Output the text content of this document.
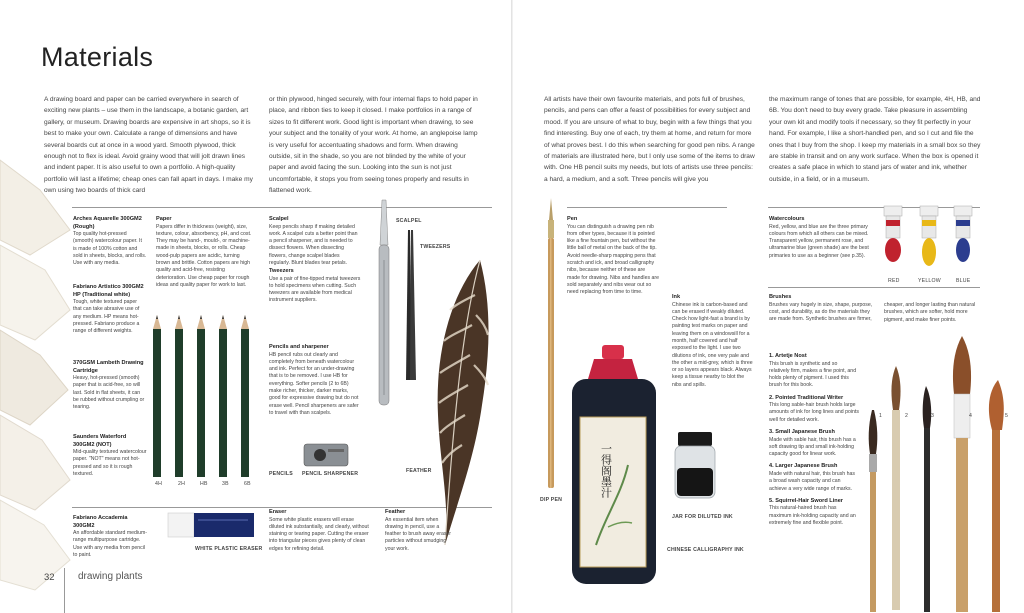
Materials
A drawing board and paper can be carried everywhere in search of exciting new plants – use them in the landscape, a botanic garden, art gallery, or museum. Drawing boards are expensive in art shops, so it is best to make your own. Calculate a range of dimensions and have several boards cut at once in a wood yard. Smooth plywood, thick enough not to flex is ideal. Avoid grainy wood that will jolt drawn lines and indent paper. It is also useful to own a portfolio. A high-quality portfolio will last a lifetime; cheap ones can fall apart in days. I make my own using two boards of thick card
or thin plywood, hinged securely, with four internal flaps to hold paper in place, and ribbon ties to keep it closed. I make portfolios in a range of sizes to fit different work. Good light is important when drawing, to see your subject and the tonality of your work. At home, an anglepoise lamp is very useful for accentuating shadows and form. When drawing outside, sit in the shade, so you are not blinded by the white of your paper and avoid facing the sun. Looking into the sun is not just uncomfortable, it stops you from seeing tones properly and results in flattened work.
All artists have their own favourite materials, and pots full of brushes, pencils, and pens can offer a feast of possibilities for every subject and mood. If you are unsure of what to buy, begin with a few things that you find interesting. Buy one of each, try them at home, and return for more of what proves best. I do this when searching for good pen nibs. A range of materials are illustrated here, but I only use some of the items to draw with. One HB pencil suits my needs, but lots of artists use three pencils: a hard, a medium, and a soft. Three pencils will give you
the maximum range of tones that are possible, for example, 4H, HB, and 6B. You don't need to buy every grade. Take pleasure in assembling your own kit and modify tools if necessary, so they fit perfectly in your hand. For example, I like a short-handled pen, and so I cut and file the ones that I buy from the shop. I keep my materials in a small box so they are stable in transit and on any work surface. When the box is opened it creates a safe place in which to stand jars of water and ink, whether outside, in a field, or in a museum.
Arches Aquarelle 300GM2 (Rough)
Top quality hot-pressed (smooth) watercolour paper. It is made of 100% cotton and sold in sheets, blocks, and rolls. Use with any media.
Fabriano Artistico 300GM2 HP (Traditional white)
Tough, white textured paper that can take abrasive use of any medium. HP means hot-pressed. Fabriano produce a range of different weights.
370GSM Lambeth Drawing Cartridge
Heavy, hot-pressed (smooth) paper that is acid-free, so will last. Sold in flat sheets, it can be rubbed without crumpling or tearing.
Saunders Waterford 300GM2 (NOT)
Mid-quality textured watercolour paper. "NOT" means not hot-pressed and so it is rough textured.
Fabriano Accademia 300GM2
An affordable standard medium-range multipurpose cartridge. Use with any media from pencil to paint.
Paper
Papers differ in thickness (weight), size, texture, colour, absorbency, pH, and cost. They may be hand-, mould-, or machine-made in sheets, blocks, or rolls. Cheap wood-pulp papers are acidic, turning brown and brittle. Cotton papers are high quality and acid-free, resisting deterioration. Use cheap paper for rough ideas and quality paper for work to last.
4H	2H	HB	3B	6B
Scalpel
Keep pencils sharp if making detailed work. A scalpel cuts a better point than a pencil sharpener, and is needed to dissect flowers. When dissecting flowers, change scalpel blades regularly. Blunt blades tear petals.
Tweezers
Use a pair of fine-tipped metal tweezers to hold specimens when cutting. Such tweezers are available from medical instrument suppliers.
Pencils and sharpener
HB pencil rubs out clearly and completely from beneath watercolour and ink. Perfect for an under-drawing that is to be removed. I use HB for everything. Softer pencils (2 to 6B) make richer, thicker, darker marks, good for expressive drawing but do not erase well. Pencil sharpeners are safer to travel with than scalpels.
SCALPEL
TWEEZERS
PENCILS PENCIL SHARPENER	FEATHER
WHITE PLASTIC ERASER
Eraser
Some white plastic erasers will erase diluted ink substantially, and clearly, without staining or tearing paper. Cutting the eraser into triangular pieces gives plenty of clean edges for refining detail.
Feather
An essential item when drawing in pencil, use a feather to brush away eraser particles without smudging your work.
32 drawing plants
DIP PEN
Pen
You can distinguish a drawing pen nib from other types, because it is pointed like a fine fountain pen, but without the little ball of metal on the back of the tip. Avoid needle-sharp mapping pens that scratch and ick, and broad calligraphy nibs, because neither of these are made for drawing. Nibs and handles are sold separately and nibs wear out so need replacing from time to time.
Ink
Chinese ink is carbon-based and can be erased if weakly diluted. Check how light-fast a brand is by painting test marks on paper and leaving them on a windowsill for a month, half covered and half exposed to the light. I use two dilutions of ink, one very pale and the other a mid-grey, which is three or so layers appears black. Always keep a tissue nearby to blot the nibs and spills.
一得阁墨汁
CHINESE CALLIGRAPHY INK
JAR FOR DILUTED INK
Watercolours
Red, yellow, and blue are the three primary colours from which all others can be mixed. Transparent yellow, permanent rose, and ultramarine blue (green shade) are the best primaries to use as a beginner (see p.35).
RED	YELLOW	BLUE
Brushes
Brushes vary hugely in size, shape, purpose, cost, and durability, as do the materials they are made from. Synthetic brushes are firmer,
cheaper, and longer lasting than natural brushes, which are softer, hold more pigment, and make finer points.
1. Artetje Nost
This brush is synthetic and so relatively firm, makes a fine point, and holds plenty of pigment. I used this brush for this book.
2. Pointed Traditional Writer
This long sable-hair brush holds large amounts of ink for long lines and points well for detailed work.
3. Small Japanese Brush
Made with sable hair, this brush has a soft drawing tip and small ink-holding capacity good for linear work.
4. Larger Japanese Brush
Made with natural hair, this brush has a broad wash capacity and can achieve a very wide range of marks.
5. Squirrel-Hair Sword Liner
This natural-haired brush has maximum ink-holding capacity and an extremely fine and flexible point.
1	2	3	4	5
